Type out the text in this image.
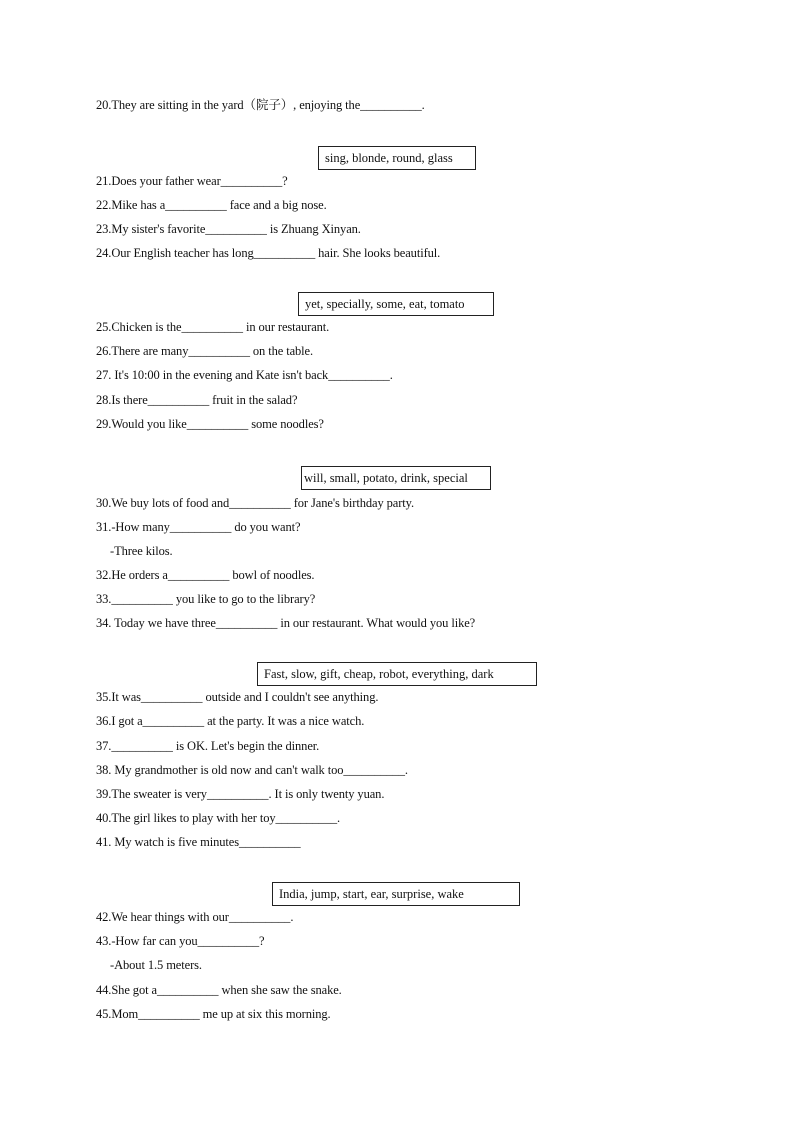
20.They are sitting in the yard（院子）, enjoying the__________.
sing, blonde, round, glass
21.Does your father wear__________?
22.Mike has a__________ face and a big nose.
23.My sister's favorite__________ is Zhuang Xinyan.
24.Our English teacher has long__________ hair. She looks beautiful.
yet, specially, some, eat, tomato
25.Chicken is the__________ in our restaurant.
26.There are many__________ on the table.
27. It's 10:00 in the evening and Kate isn't back__________.
28.Is there__________ fruit in the salad?
29.Would you like__________ some noodles?
will, small, potato, drink, special
30.We buy lots of food and__________ for Jane's birthday party.
31.-How many__________ do you want?
-Three kilos.
32.He orders a__________ bowl of noodles.
33.__________ you like to go to the library?
34. Today we have three__________ in our restaurant. What would you like?
Fast, slow, gift, cheap, robot, everything, dark
35.It was__________ outside and I couldn't see anything.
36.I got a__________ at the party. It was a nice watch.
37.__________ is OK. Let's begin the dinner.
38. My grandmother is old now and can't walk too__________.
39.The sweater is very__________. It is only twenty yuan.
40.The girl likes to play with her toy__________.
41. My watch is five minutes__________
India, jump, start, ear, surprise, wake
42.We hear things with our__________.
43.-How far can you__________?
-About 1.5 meters.
44.She got a__________ when she saw the snake.
45.Mom__________ me up at six this morning.
